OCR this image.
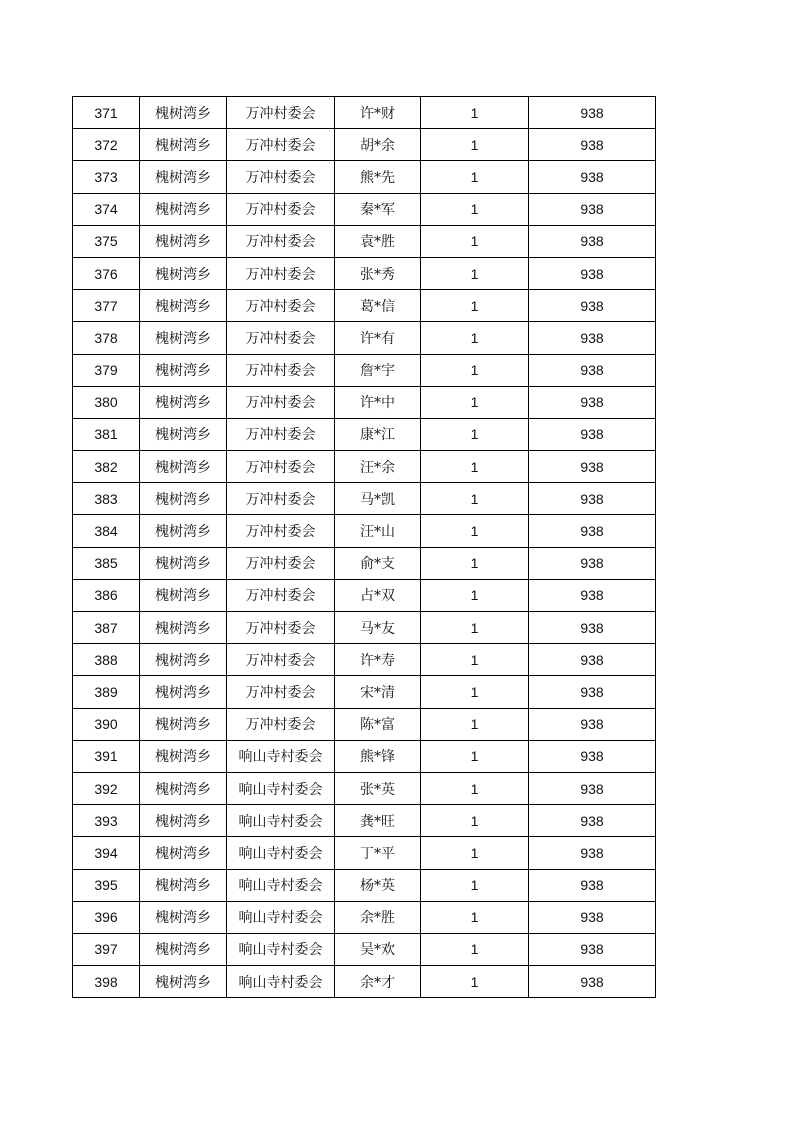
371	槐树湾乡	万冲村委会	许*财	1	938
372	槐树湾乡	万冲村委会	胡*余	1	938
373	槐树湾乡	万冲村委会	熊*先	1	938
374	槐树湾乡	万冲村委会	秦*军	1	938
375	槐树湾乡	万冲村委会	袁*胜	1	938
376	槐树湾乡	万冲村委会	张*秀	1	938
377	槐树湾乡	万冲村委会	葛*信	1	938
378	槐树湾乡	万冲村委会	许*有	1	938
379	槐树湾乡	万冲村委会	詹*宇	1	938
380	槐树湾乡	万冲村委会	许*中	1	938
381	槐树湾乡	万冲村委会	康*江	1	938
382	槐树湾乡	万冲村委会	汪*余	1	938
383	槐树湾乡	万冲村委会	马*凯	1	938
384	槐树湾乡	万冲村委会	汪*山	1	938
385	槐树湾乡	万冲村委会	俞*支	1	938
386	槐树湾乡	万冲村委会	占*双	1	938
387	槐树湾乡	万冲村委会	马*友	1	938
388	槐树湾乡	万冲村委会	许*寿	1	938
389	槐树湾乡	万冲村委会	宋*清	1	938
390	槐树湾乡	万冲村委会	陈*富	1	938
391	槐树湾乡	响山寺村委会	熊*锋	1	938
392	槐树湾乡	响山寺村委会	张*英	1	938
393	槐树湾乡	响山寺村委会	龚*旺	1	938
394	槐树湾乡	响山寺村委会	丁*平	1	938
395	槐树湾乡	响山寺村委会	杨*英	1	938
396	槐树湾乡	响山寺村委会	余*胜	1	938
397	槐树湾乡	响山寺村委会	吴*欢	1	938
398	槐树湾乡	响山寺村委会	余*才	1	938
